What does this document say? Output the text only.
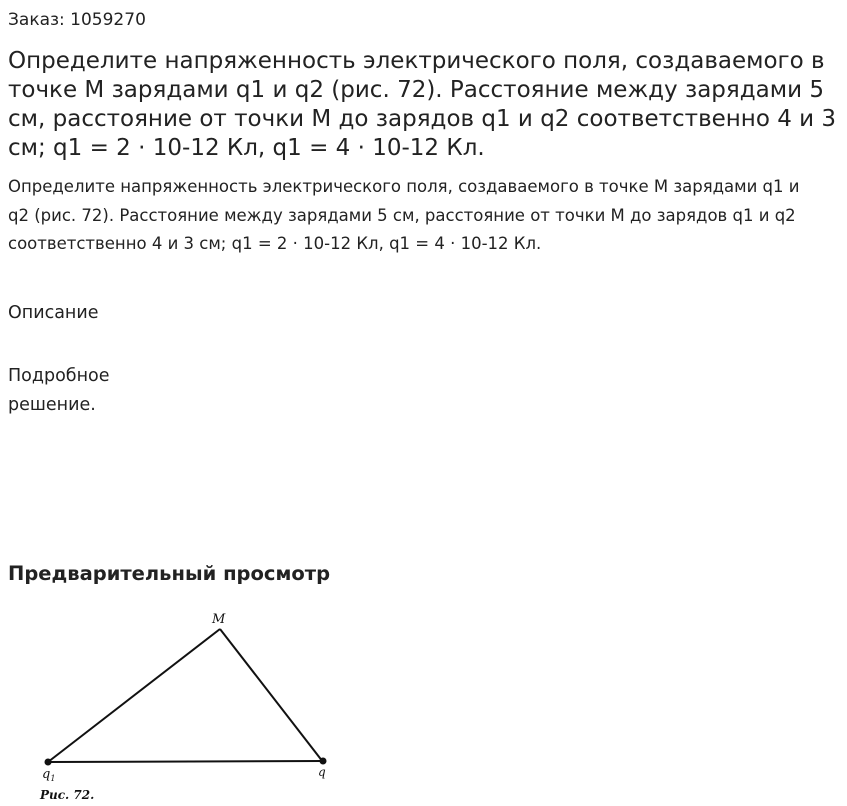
Заказ: 1059270
Определите напряженность электрического поля, создаваемого в точке М зарядами q1 и q2 (рис. 72). Расстояние между зарядами 5 см, расстояние от точки М до зарядов q1 и q2 соответственно 4 и 3 см; q1 = 2 · 10-12 Кл, q1 = 4 · 10-12 Кл.

Определите напряженность электрического поля, создаваемого в точке М зарядами q1 и q2 (рис. 72). Расстояние между зарядами 5 см, расстояние от точки М до зарядов q1 и q2 соответственно 4 и 3 см; q1 = 2 · 10-12 Кл, q1 = 4 · 10-12 Кл.

Описание

Подробное решение.

Предварительный просмотр
M
$q_1$	q
Рис. 72.
